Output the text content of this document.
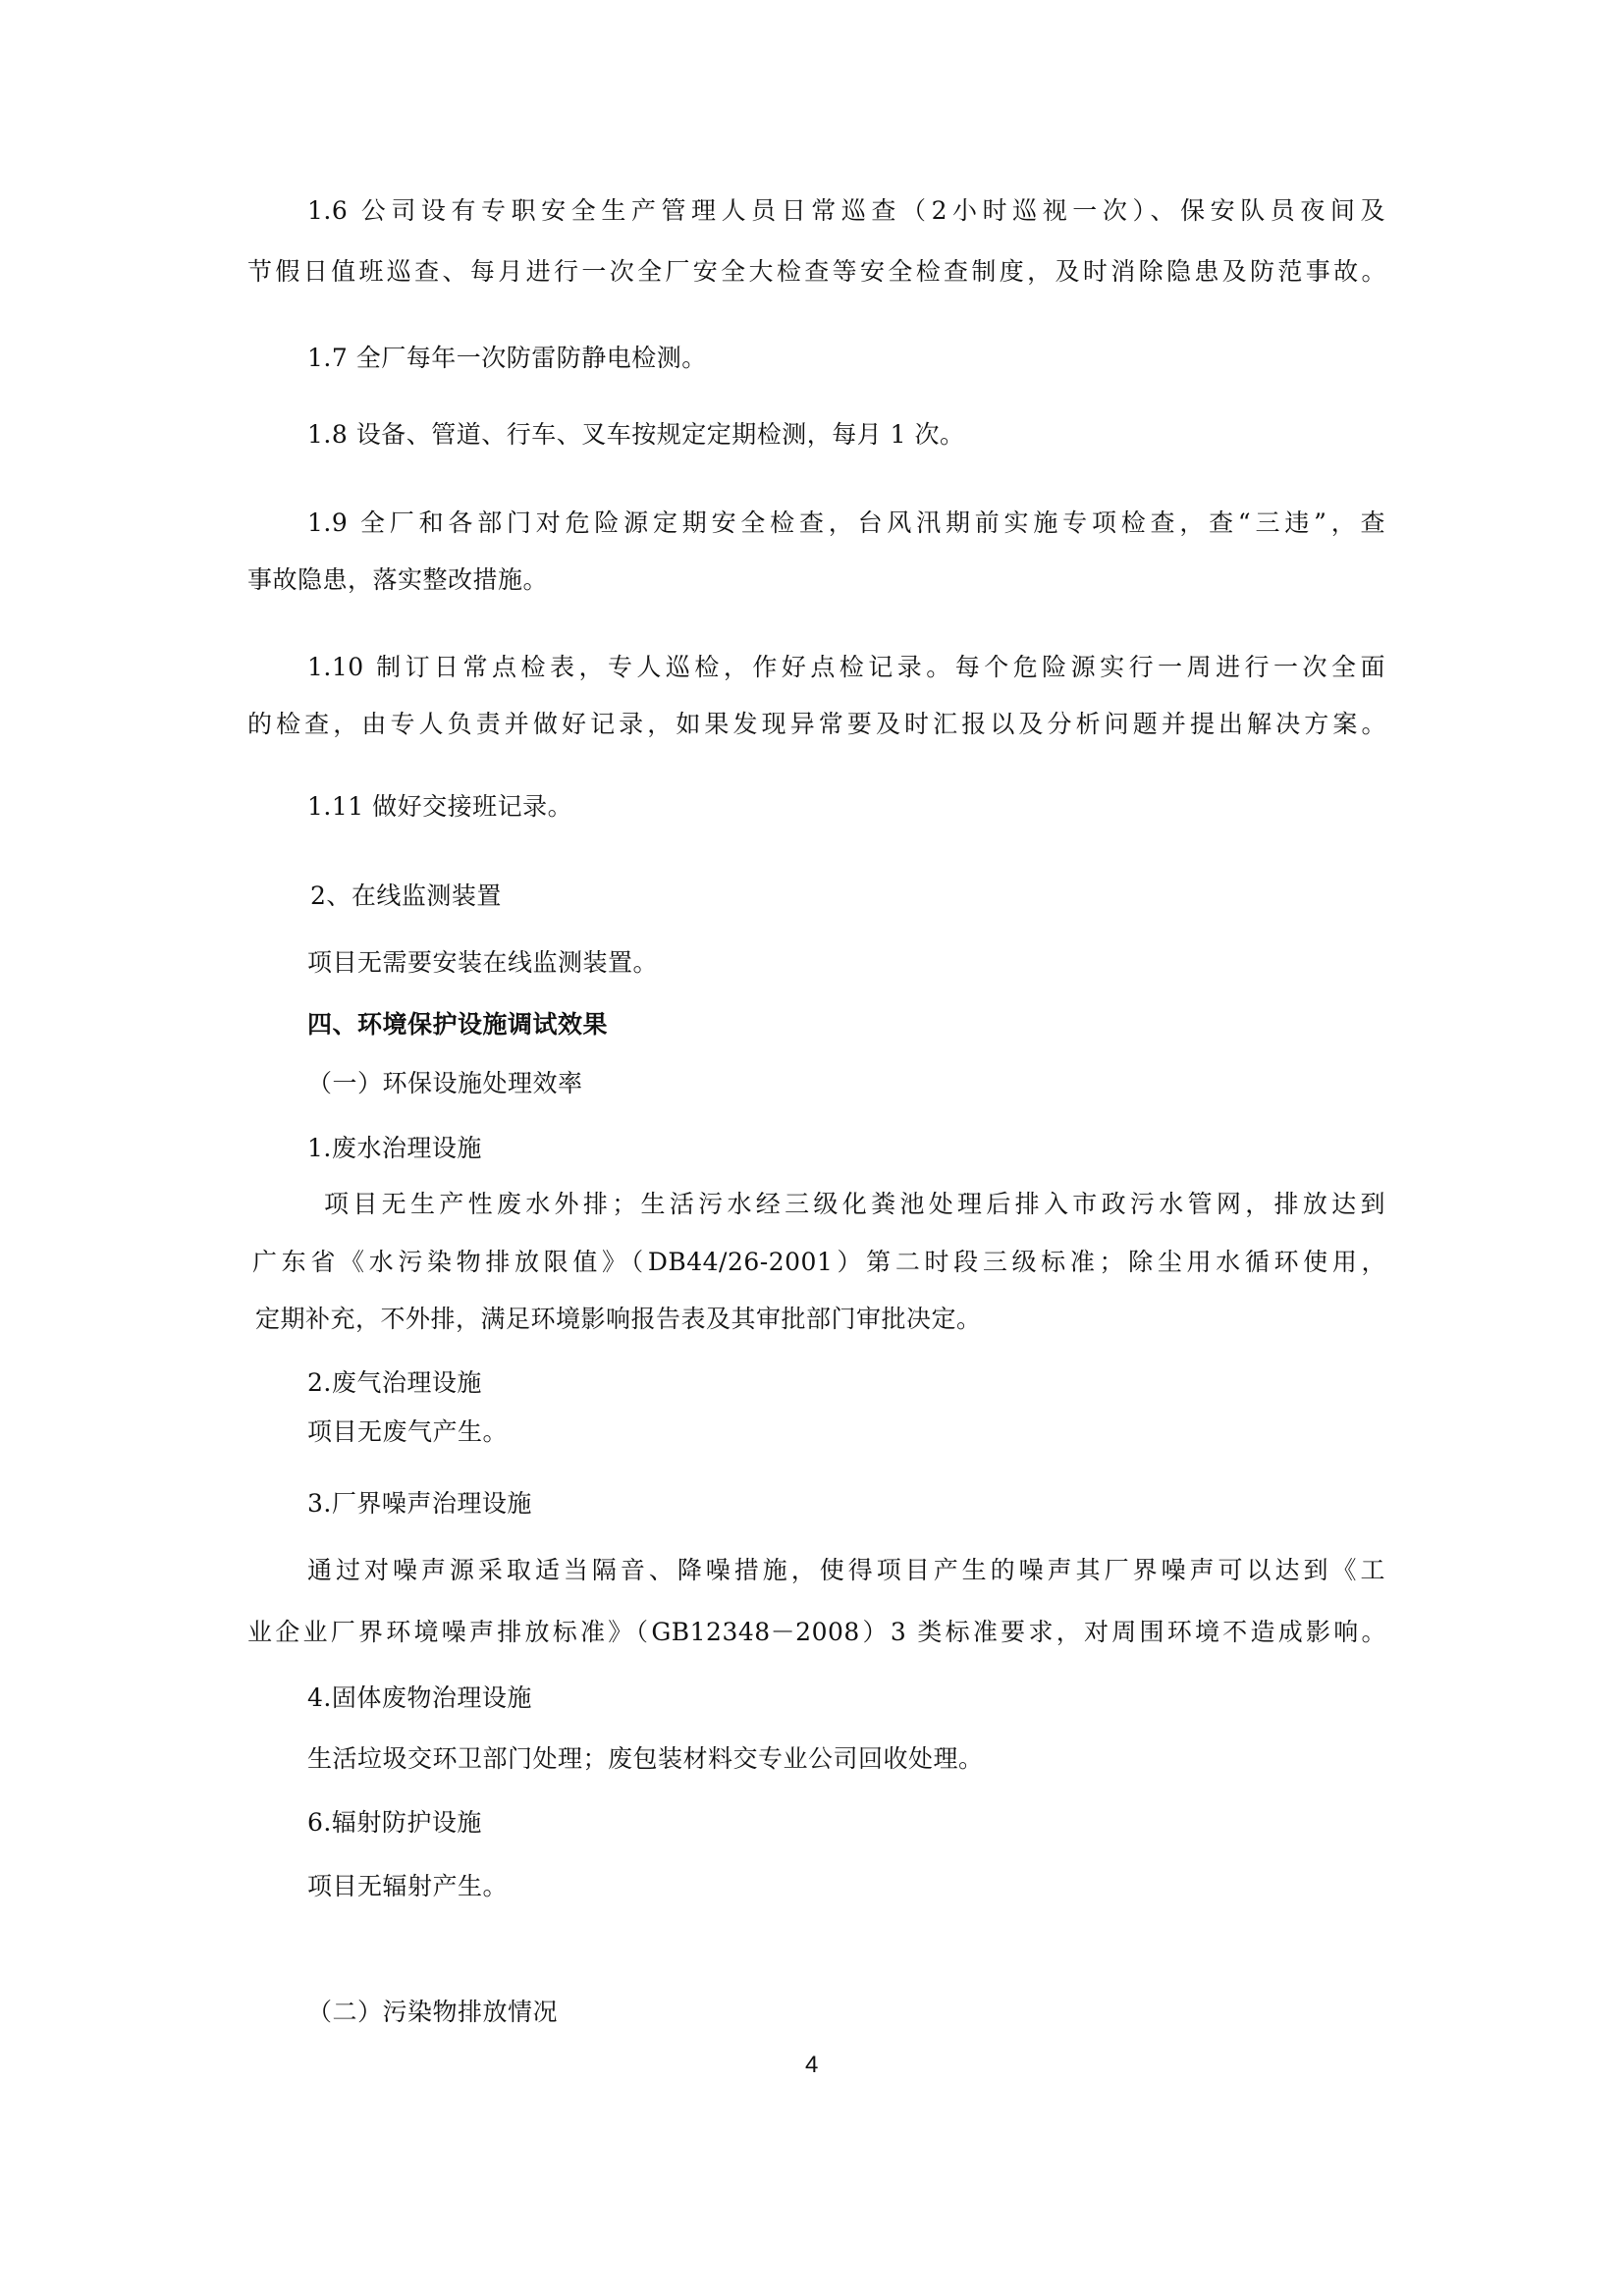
1.6 公司设有专职安全生产管理人员日常巡查（2小时巡视一次）、保安队员夜间及
节假日值班巡查、每月进行一次全厂安全大检查等安全检查制度，及时消除隐患及防范事故。
1.7 全厂每年一次防雷防静电检测。
1.8 设备、管道、行车、叉车按规定定期检测，每月 1 次。
1.9 全厂和各部门对危险源定期安全检查，台风汛期前实施专项检查，查“三违”，查
事故隐患，落实整改措施。
1.10 制订日常点检表，专人巡检，作好点检记录。每个危险源实行一周进行一次全面
的检查，由专人负责并做好记录，如果发现异常要及时汇报以及分析问题并提出解决方案。
1.11 做好交接班记录。
2、在线监测装置
项目无需要安装在线监测装置。
四、环境保护设施调试效果
（一）环保设施处理效率
1.废水治理设施
项目无生产性废水外排；生活污水经三级化粪池处理后排入市政污水管网，排放达到
广东省《水污染物排放限值》（DB44/26-2001）第二时段三级标准；除尘用水循环使用，
定期补充，不外排，满足环境影响报告表及其审批部门审批决定。
2.废气治理设施
项目无废气产生。
3.厂界噪声治理设施
通过对噪声源采取适当隔音、降噪措施，使得项目产生的噪声其厂界噪声可以达到《工
业企业厂界环境噪声排放标准》（GB12348－2008）3 类标准要求，对周围环境不造成影响。
4.固体废物治理设施
生活垃圾交环卫部门处理；废包装材料交专业公司回收处理。
6.辐射防护设施
项目无辐射产生。
（二）污染物排放情况
4
